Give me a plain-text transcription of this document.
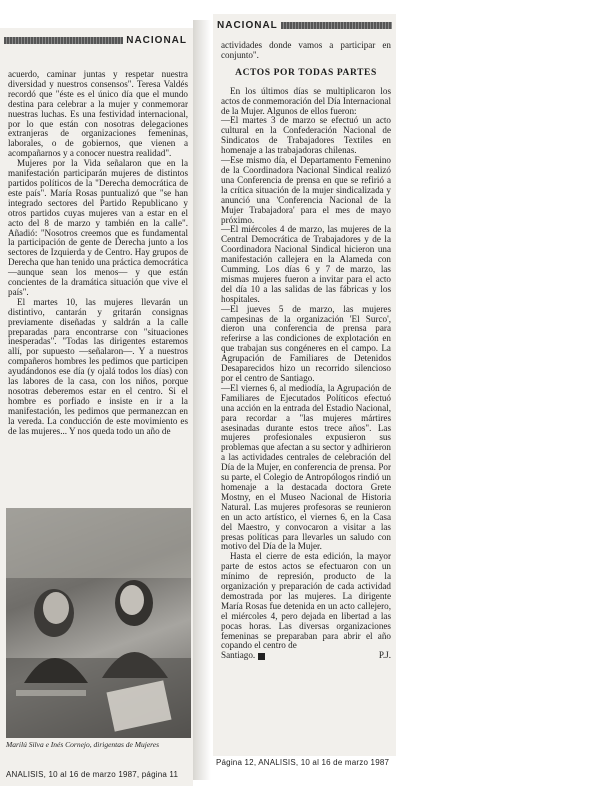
NACIONAL

acuerdo, caminar juntas y respetar nuestra diversidad y nuestros consensos". Teresa Valdés recordó que "éste es el único día que el mundo destina para celebrar a la mujer y conmemorar nuestras luchas. Es una festividad internacional, por lo que están con nosotras delegaciones extranjeras de organizaciones femeninas, laborales, o de gobiernos, que vienen a acompañarnos y a conocer nuestra realidad".

Mujeres por la Vida señalaron que en la manifestación participarán mujeres de distintos partidos políticos de la "Derecha democrática de este país". María Rosas puntualizó que "se han integrado sectores del Partido Republicano y otros partidos cuyas mujeres van a estar en el acto del 8 de marzo y también en la calle". Añadió: "Nosotros creemos que es fundamental la participación de gente de Derecha junto a los sectores de Izquierda y de Centro. Hay grupos de Derecha que han tenido una práctica democrática —aunque sean los menos— y que están concientes de la dramática situación que vive el país".

El martes 10, las mujeres llevarán un distintivo, cantarán y gritarán consignas previamente diseñadas y saldrán a la calle preparadas para encontrarse con "situaciones inesperadas". "Todas las dirigentes estaremos allí, por supuesto —señalaron—. Y a nuestros compañeros hombres les pedimos que participen ayudándonos ese día (y ojalá todos los días) con las labores de la casa, con los niños, porque nosotras deberemos estar en el centro. Si el hombre es porfiado e insiste en ir a la manifestación, les pedimos que permanezcan en la vereda. La conducción de este movimiento es de las mujeres... Y nos queda todo un año de

Marilú Silva e Inés Cornejo, dirigentas de Mujeres
ANALISIS, 10 al 16 de marzo 1987, página 11
NACIONAL

actividades donde vamos a participar en conjunto".

ACTOS POR TODAS PARTES

En los últimos días se multiplicaron los actos de conmemoración del Día Internacional de la Mujer. Algunos de ellos fueron:

—El martes 3 de marzo se efectuó un acto cultural en la Confederación Nacional de Sindicatos de Trabajadores Textiles en homenaje a las trabajadoras chilenas.

—Ese mismo día, el Departamento Femenino de la Coordinadora Nacional Sindical realizó una Conferencia de prensa en que se refirió a la crítica situación de la mujer sindicalizada y anunció una 'Conferencia Nacional de la Mujer Trabajadora' para el mes de mayo próximo.

—El miércoles 4 de marzo, las mujeres de la Central Democrática de Trabajadores y de la Coordinadora Nacional Sindical hicieron una manifestación callejera en la Alameda con Cumming. Los días 6 y 7 de marzo, las mismas mujeres fueron a invitar para el acto del día 10 a las salidas de las fábricas y los hospitales.

—El jueves 5 de marzo, las mujeres campesinas de la organización 'El Surco', dieron una conferencia de prensa para referirse a las condiciones de explotación en que trabajan sus congéneres en el campo. La Agrupación de Familiares de Detenidos Desaparecidos hizo un recorrido silencioso por el centro de Santiago.

—El viernes 6, al mediodía, la Agrupación de Familiares de Ejecutados Políticos efectuó una acción en la entrada del Estadio Nacional, para recordar a "las mujeres mártires asesinadas durante estos trece años". Las mujeres profesionales expusieron sus problemas que afectan a su sector y adhirieron a las actividades centrales de celebración del Día de la Mujer, en conferencia de prensa. Por su parte, el Colegio de Antropólogos rindió un homenaje a la destacada doctora Grete Mostny, en el Museo Nacional de Historia Natural. Las mujeres profesoras se reunieron en un acto artístico, el viernes 6, en la Casa del Maestro, y convocaron a visitar a las presas políticas para llevarles un saludo con motivo del Día de la Mujer.

Hasta el cierre de esta edición, la mayor parte de estos actos se efectuaron con un mínimo de represión, producto de la organización y preparación de cada actividad demostrada por las mujeres. La dirigente María Rosas fue detenida en un acto callejero, el miércoles 4, pero dejada en libertad a las pocas horas. Las diversas organizaciones femeninas se preparaban para abrir el año copando el centro de

Santiago.	P.J.
Página 12, ANALISIS, 10 al 16 de marzo 1987
